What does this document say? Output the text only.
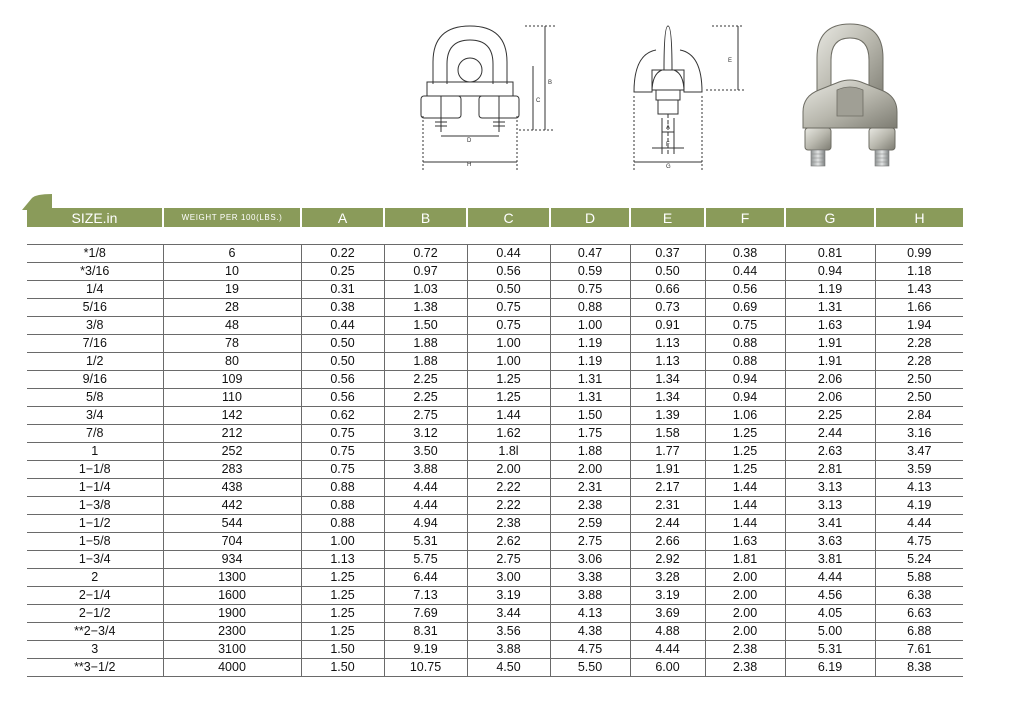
B
C
D
H
E
A
F
G
SIZE.in	WEIGHT PER 100(LBS.)	A	B	C	D	E	F	G	H

*1/8	6	0.22	0.72	0.44	0.47	0.37	0.38	0.81	0.99
*3/16	10	0.25	0.97	0.56	0.59	0.50	0.44	0.94	1.18
1/4	19	0.31	1.03	0.50	0.75	0.66	0.56	1.19	1.43
5/16	28	0.38	1.38	0.75	0.88	0.73	0.69	1.31	1.66
3/8	48	0.44	1.50	0.75	1.00	0.91	0.75	1.63	1.94
7/16	78	0.50	1.88	1.00	1.19	1.13	0.88	1.91	2.28
1/2	80	0.50	1.88	1.00	1.19	1.13	0.88	1.91	2.28
9/16	109	0.56	2.25	1.25	1.31	1.34	0.94	2.06	2.50
5/8	110	0.56	2.25	1.25	1.31	1.34	0.94	2.06	2.50
3/4	142	0.62	2.75	1.44	1.50	1.39	1.06	2.25	2.84
7/8	212	0.75	3.12	1.62	1.75	1.58	1.25	2.44	3.16
1	252	0.75	3.50	1.8l	1.88	1.77	1.25	2.63	3.47
1−1/8	283	0.75	3.88	2.00	2.00	1.91	1.25	2.81	3.59
1−1/4	438	0.88	4.44	2.22	2.31	2.17	1.44	3.13	4.13
1−3/8	442	0.88	4.44	2.22	2.38	2.31	1.44	3.13	4.19
1−1/2	544	0.88	4.94	2.38	2.59	2.44	1.44	3.41	4.44
1−5/8	704	1.00	5.31	2.62	2.75	2.66	1.63	3.63	4.75
1−3/4	934	1.13	5.75	2.75	3.06	2.92	1.81	3.81	5.24
2	1300	1.25	6.44	3.00	3.38	3.28	2.00	4.44	5.88
2−1/4	1600	1.25	7.13	3.19	3.88	3.19	2.00	4.56	6.38
2−1/2	1900	1.25	7.69	3.44	4.13	3.69	2.00	4.05	6.63
**2−3/4	2300	1.25	8.31	3.56	4.38	4.88	2.00	5.00	6.88
3	3100	1.50	9.19	3.88	4.75	4.44	2.38	5.31	7.61
**3−1/2	4000	1.50	10.75	4.50	5.50	6.00	2.38	6.19	8.38
